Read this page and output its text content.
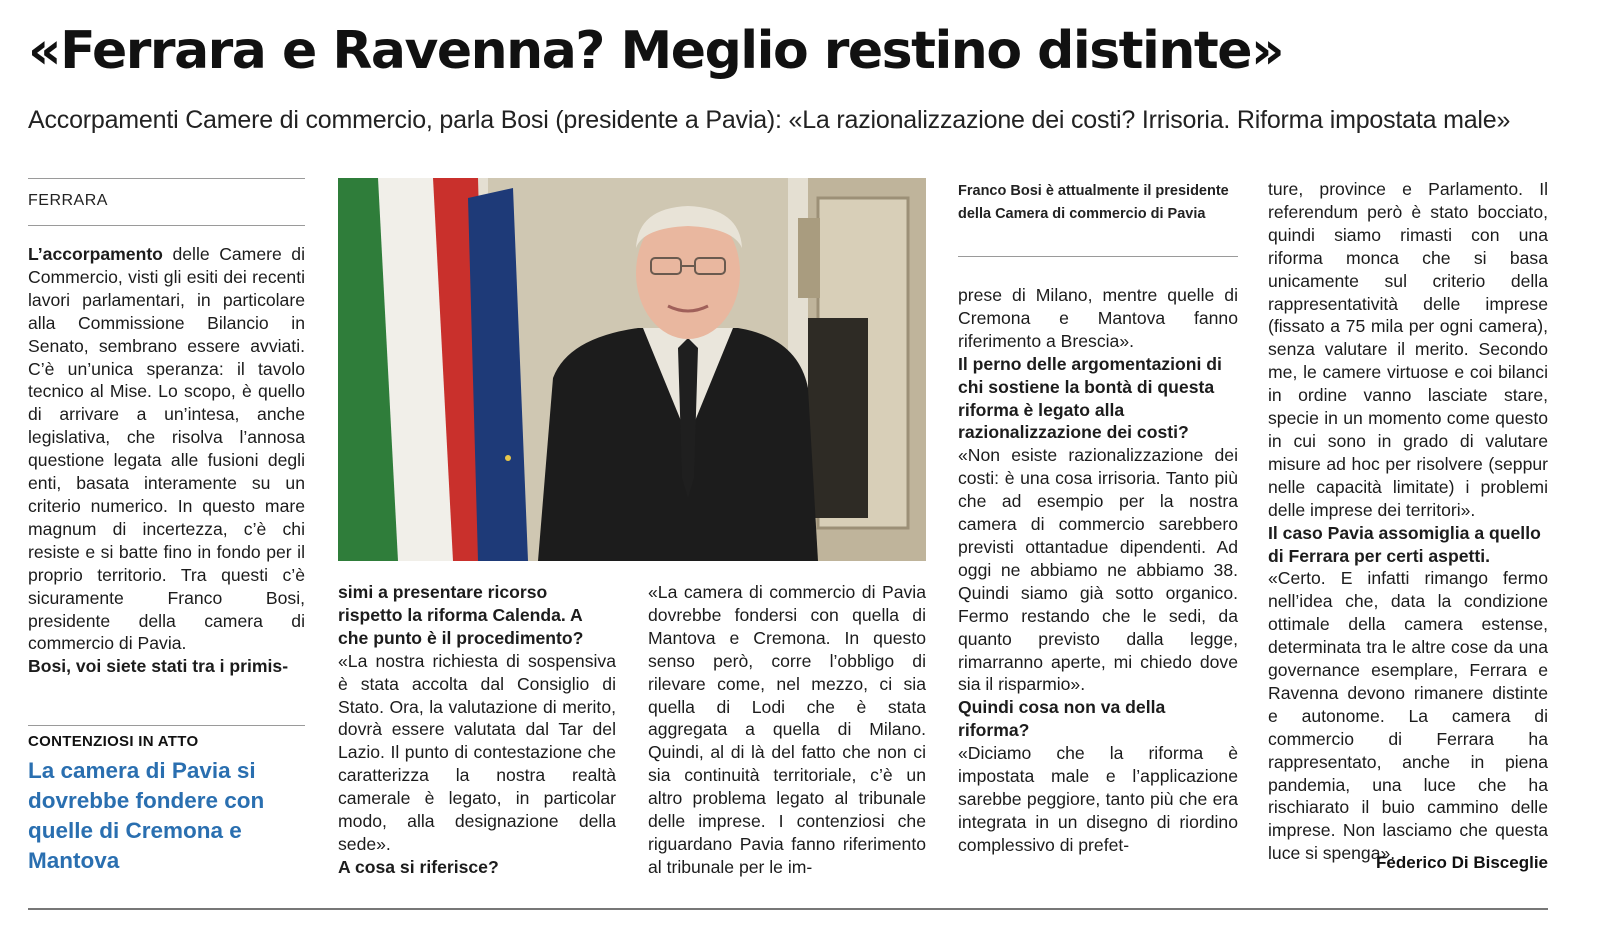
«Ferrara e Ravenna? Meglio restino distinte»
Accorpamenti Camere di commercio, parla Bosi (presidente a Pavia): «La razionalizzazione dei costi? Irrisoria. Riforma impostata male»
FERRARA

L’accorpamento delle Camere di Commercio, visti gli esiti dei recenti lavori parlamentari, in particolare alla Commissione Bilancio in Senato, sembrano essere avviati. C’è un’unica speranza: il tavolo tecnico al Mise. Lo scopo, è quello di arrivare a un’intesa, anche legislativa, che risolva l’annosa questione legata alle fusioni degli enti, basata interamente su un criterio numerico. In questo mare magnum di incertezza, c’è chi resiste e si batte fino in fondo per il proprio territorio. Tra questi c’è sicuramente Franco Bosi, presidente della camera di commercio di Pavia.

Bosi, voi siete stati tra i primis-

CONTENZIOSI IN ATTO
La camera di Pavia si dovrebbe fondere con quelle di Cremona e Mantova

simi a presentare ricorso rispetto la riforma Calenda. A che punto è il procedimento?

«La nostra richiesta di sospensiva è stata accolta dal Consiglio di Stato. Ora, la valutazione di merito, dovrà essere valutata dal Tar del Lazio. Il punto di contestazione che caratterizza la nostra realtà camerale è legato, in particolar modo, alla designazione della sede».

A cosa si riferisce?

«La camera di commercio di Pavia dovrebbe fondersi con quella di Mantova e Cremona. In questo senso però, corre l’obbligo di rilevare come, nel mezzo, ci sia quella di Lodi che è stata aggregata a quella di Milano. Quindi, al di là del fatto che non ci sia continuità territoriale, c’è un altro problema legato al tribunale delle imprese. I contenziosi che riguardano Pavia fanno riferimento al tribunale per le im-

Franco Bosi è attualmente il presidente della Camera di commercio di Pavia

prese di Milano, mentre quelle di Cremona e Mantova fanno riferimento a Brescia».

Il perno delle argomentazioni di chi sostiene la bontà di questa riforma è legato alla razionalizzazione dei costi?

«Non esiste razionalizzazione dei costi: è una cosa irrisoria. Tanto più che ad esempio per la nostra camera di commercio sarebbero previsti ottantadue dipendenti. Ad oggi ne abbiamo ne abbiamo 38. Quindi siamo già sotto organico. Fermo restando che le sedi, da quanto previsto dalla legge, rimarranno aperte, mi chiedo dove sia il risparmio».

Quindi cosa non va della riforma?

«Diciamo che la riforma è impostata male e l’applicazione sarebbe peggiore, tanto più che era integrata in un disegno di riordino complessivo di prefet-

ture, province e Parlamento. Il referendum però è stato bocciato, quindi siamo rimasti con una riforma monca che si basa unicamente sul criterio della rappresentatività delle imprese (fissato a 75 mila per ogni camera), senza valutare il merito. Secondo me, le camere virtuose e coi bilanci in ordine vanno lasciate stare, specie in un momento come questo in cui sono in grado di valutare misure ad hoc per risolvere (seppur nelle capacità limitate) i problemi delle imprese dei territori».

Il caso Pavia assomiglia a quello di Ferrara per certi aspetti.

«Certo. E infatti rimango fermo nell’idea che, data la condizione ottimale della camera estense, determinata tra le altre cose da una governance esemplare, Ferrara e Ravenna devono rimanere distinte e autonome. La camera di commercio di Ferrara ha rappresentato, anche in piena pandemia, una luce che ha rischiarato il buio cammino delle imprese. Non lasciamo che questa luce si spenga».

Federico Di Bisceglie
